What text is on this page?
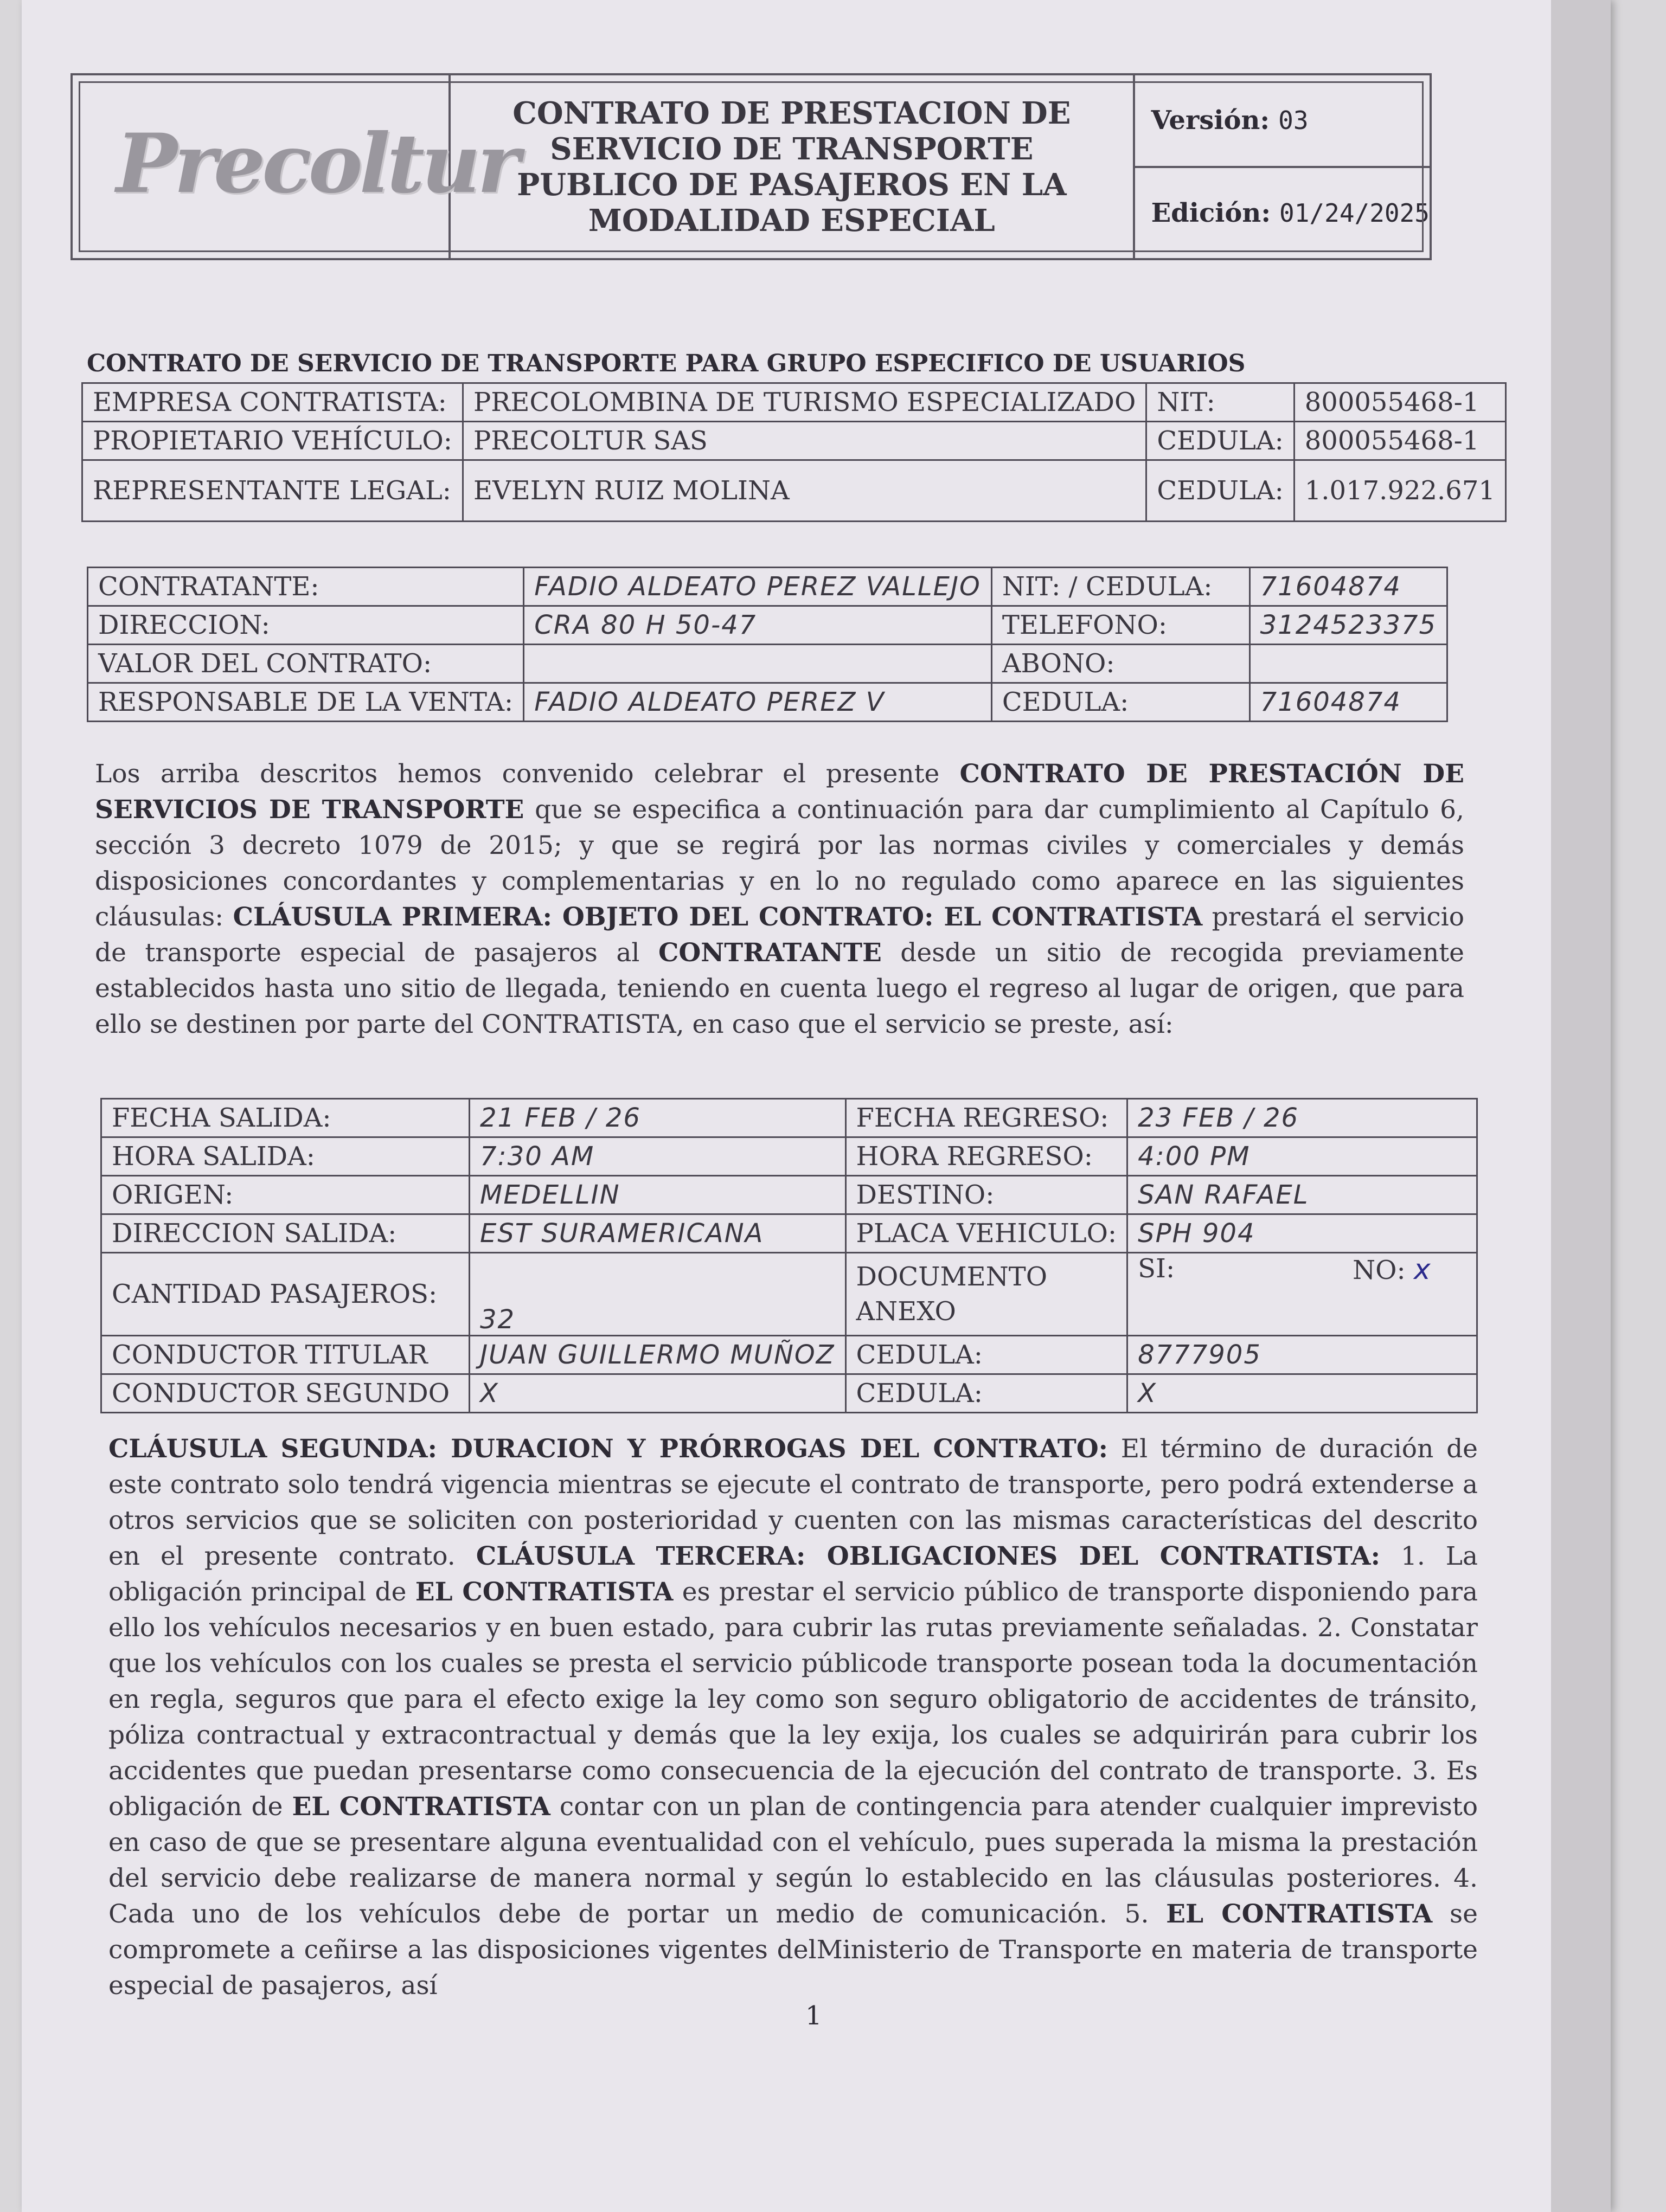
Precoltur
CONTRATO DE PRESTACION DE SERVICIO DE TRANSPORTE PUBLICO DE PASAJEROS EN LA MODALIDAD ESPECIAL
Versión: 03
Edición: 01/24/2025
CONTRATO DE SERVICIO DE TRANSPORTE PARA GRUPO ESPECIFICO DE USUARIOS
EMPRESA CONTRATISTA:	PRECOLOMBINA DE TURISMO ESPECIALIZADO	NIT:	800055468-1
PROPIETARIO VEHÍCULO:	PRECOLTUR SAS	CEDULA:	800055468-1
REPRESENTANTE LEGAL:	EVELYN RUIZ MOLINA	CEDULA:	1.017.922.671
CONTRATANTE:	FADIO ALDEATO PEREZ VALLEJO	NIT: / CEDULA:	71604874
DIRECCION:	CRA 80 H 50-47	TELEFONO:	3124523375
VALOR DEL CONTRATO:		ABONO:	
RESPONSABLE DE LA VENTA:	FADIO ALDEATO PEREZ V	CEDULA:	71604874
Los arriba descritos hemos convenido celebrar el presente CONTRATO DE PRESTACIÓN DE SERVICIOS DE TRANSPORTE que se especifica a continuación para dar cumplimiento al Capítulo 6, sección 3 decreto 1079 de 2015; y que se regirá por las normas civiles y comerciales y demás disposiciones concordantes y complementarias y en lo no regulado como aparece en las siguientes cláusulas: CLÁUSULA PRIMERA: OBJETO DEL CONTRATO: EL CONTRATISTA prestará el servicio de transporte especial de pasajeros al CONTRATANTE desde un sitio de recogida previamente establecidos hasta uno sitio de llegada, teniendo en cuenta luego el regreso al lugar de origen, que para ello se destinen por parte del CONTRATISTA, en caso que el servicio se preste, así:
FECHA SALIDA:	21 FEB / 26	FECHA REGRESO:	23 FEB / 26	
HORA SALIDA:	7:30 AM	HORA REGRESO:	4:00 PM	
ORIGEN:	MEDELLIN	DESTINO:	SAN RAFAEL	
DIRECCION SALIDA:	EST SURAMERICANA	PLACA VEHICULO:	SPH 904	
CANTIDAD PASAJEROS:	32	DOCUMENTO ANEXO	SI:	NO: x
CONDUCTOR TITULAR	JUAN GUILLERMO MUÑOZ	CEDULA:	8777905	
CONDUCTOR SEGUNDO	X	CEDULA:	X	
CLÁUSULA SEGUNDA: DURACION Y PRÓRROGAS DEL CONTRATO: El término de duración de este contrato solo tendrá vigencia mientras se ejecute el contrato de transporte, pero podrá extenderse a otros servicios que se soliciten con posterioridad y cuenten con las mismas características del descrito en el presente contrato. CLÁUSULA TERCERA: OBLIGACIONES DEL CONTRATISTA: 1. La obligación principal de EL CONTRATISTA es prestar el servicio público de transporte disponiendo para ello los vehículos necesarios y en buen estado, para cubrir las rutas previamente señaladas. 2. Constatar que los vehículos con los cuales se presta el servicio públicode transporte posean toda la documentación en regla, seguros que para el efecto exige la ley como son seguro obligatorio de accidentes de tránsito, póliza contractual y extracontractual y demás que la ley exija, los cuales se adquirirán para cubrir los accidentes que puedan presentarse como consecuencia de la ejecución del contrato de transporte. 3. Es obligación de EL CONTRATISTA contar con un plan de contingencia para atender cualquier imprevisto en caso de que se presentare alguna eventualidad con el vehículo, pues superada la misma la prestación del servicio debe realizarse de manera normal y según lo establecido en las cláusulas posteriores. 4. Cada uno de los vehículos debe de portar un medio de comunicación. 5. EL CONTRATISTA se compromete a ceñirse a las disposiciones vigentes delMinisterio de Transporte en materia de transporte especial de pasajeros, así
1
